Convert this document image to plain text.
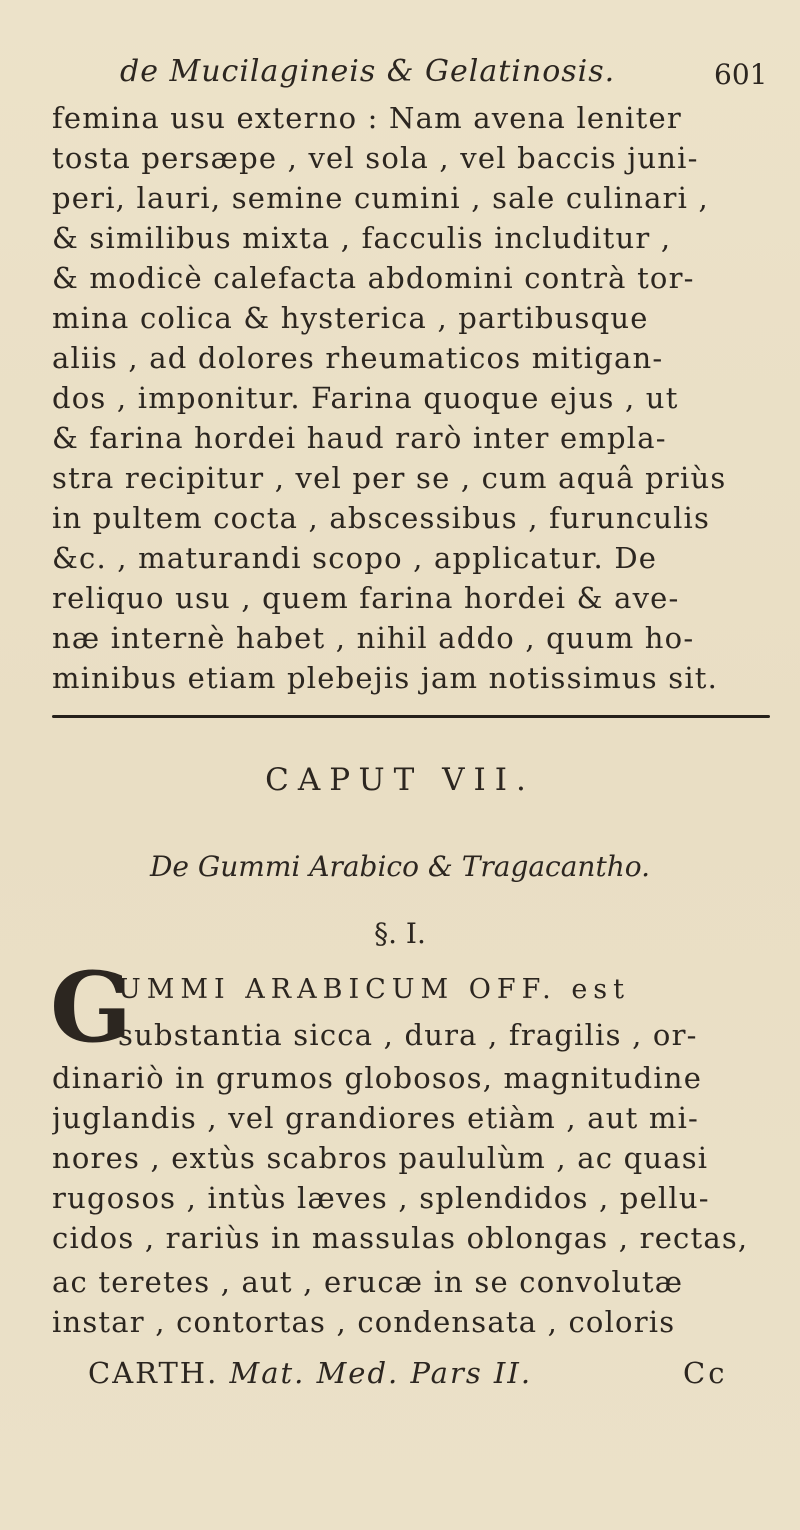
de Mucilagineis & Gelatinosis.	601
femina usu externo : Nam avena leniter
tosta persæpe , vel sola , vel baccis juni-
peri, lauri, semine cumini , sale culinari ,
& similibus mixta , facculis includitur ,
& modicè calefacta abdomini contrà tor-
mina colica & hysterica , partibusque
aliis , ad dolores rheumaticos mitigan-
dos , imponitur. Farina quoque ejus , ut
& farina hordei haud rarò inter empla-
stra recipitur , vel per se , cum aquâ priùs
in pultem cocta , abscessibus , furunculis
&c. , maturandi scopo , applicatur. De
reliquo usu , quem farina hordei & ave-
næ internè habet , nihil addo , quum ho-
minibus etiam plebejis jam notissimus sit.
CAPUT VII.
De Gummi Arabico & Tragacantho.
§. I.
G
UMMI ARABICUM OFF. est
substantia sicca , dura , fragilis , or-
dinariò in grumos globosos, magnitudine
juglandis , vel grandiores etiàm , aut mi-
nores , extùs scabros paululùm , ac quasi
rugosos , intùs læves , splendidos , pellu-
cidos , rariùs in massulas oblongas , rectas,
ac teretes , aut , erucæ in se convolutæ
instar , contortas , condensata , coloris
CARTH. Mat. Med. Pars II.	Cc
